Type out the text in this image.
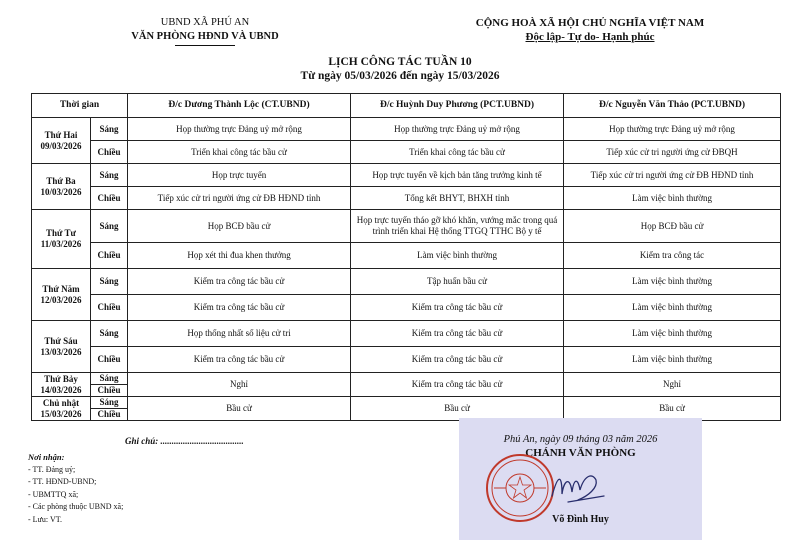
UBND XÃ PHÚ AN
VĂN PHÒNG HĐND VÀ UBND
CỘNG HOÀ XÃ HỘI CHỦ NGHĨA VIỆT NAM
Độc lập- Tự do- Hạnh phúc
LỊCH CÔNG TÁC TUẦN 10
Từ ngày 05/03/2026 đến ngày 15/03/2026
Thời gian		Đ/c Dương Thành Lộc (CT.UBND)	Đ/c Huỳnh Duy Phương (PCT.UBND)	Đ/c Nguyễn Văn Thảo (PCT.UBND)
Thứ Hai
09/03/2026	Sáng	Họp thường trực Đảng uỷ mở rộng	Họp thường trực Đảng uỷ mở rộng	Họp thường trực Đảng uỷ mở rộng
	Chiều	Triển khai công tác bầu cử	Triển khai công tác bầu cử	Tiếp xúc cử tri người ứng cử ĐBQH
Thứ Ba
10/03/2026	Sáng	Họp trực tuyến	Họp trực tuyến về kịch bản tăng trưởng kinh tế	Tiếp xúc cử tri người ứng cử ĐB HĐND tỉnh
	Chiều	Tiếp xúc cử tri người ứng cử ĐB HĐND tỉnh	Tổng kết BHYT, BHXH tỉnh	Làm việc bình thường
Thứ Tư
11/03/2026	Sáng	Họp BCĐ bầu cử	Họp trực tuyến tháo gỡ khó khăn, vướng mắc trong quá trình triển khai Hệ thống TTGQ TTHC Bộ y tế	Họp BCĐ bầu cử
	Chiều	Họp xét thi đua khen thưởng	Làm việc bình thường	Kiểm tra công tác
Thứ Năm
12/03/2026	Sáng	Kiểm tra công tác bầu cử	Tập huấn bầu cử	Làm việc bình thường
	Chiều	Kiểm tra công tác bầu cử	Kiểm tra công tác bầu cử	Làm việc bình thường
Thứ Sáu
13/03/2026	Sáng	Họp thống nhất số liệu cử tri	Kiểm tra công tác bầu cử	Làm việc bình thường
	Chiều	Kiểm tra công tác bầu cử	Kiểm tra công tác bầu cử	Làm việc bình thường
Thứ Bảy
14/03/2026	Sáng	Nghỉ	Kiểm tra công tác bầu cử	Nghỉ
	Chiều			
Chủ nhật
15/03/2026	Sáng	Bầu cử	Bầu cử	Bầu cử
	Chiều			
Ghi chú: .....................................
Nơi nhận:
- TT. Đảng uỷ;
- TT. HĐND-UBND;
- UBMTTQ xã;
- Các phòng thuộc UBND xã;
- Lưu: VT.
Phú An, ngày 09 tháng 03 năm 2026
CHÁNH VĂN PHÒNG
Võ Đình Huy
